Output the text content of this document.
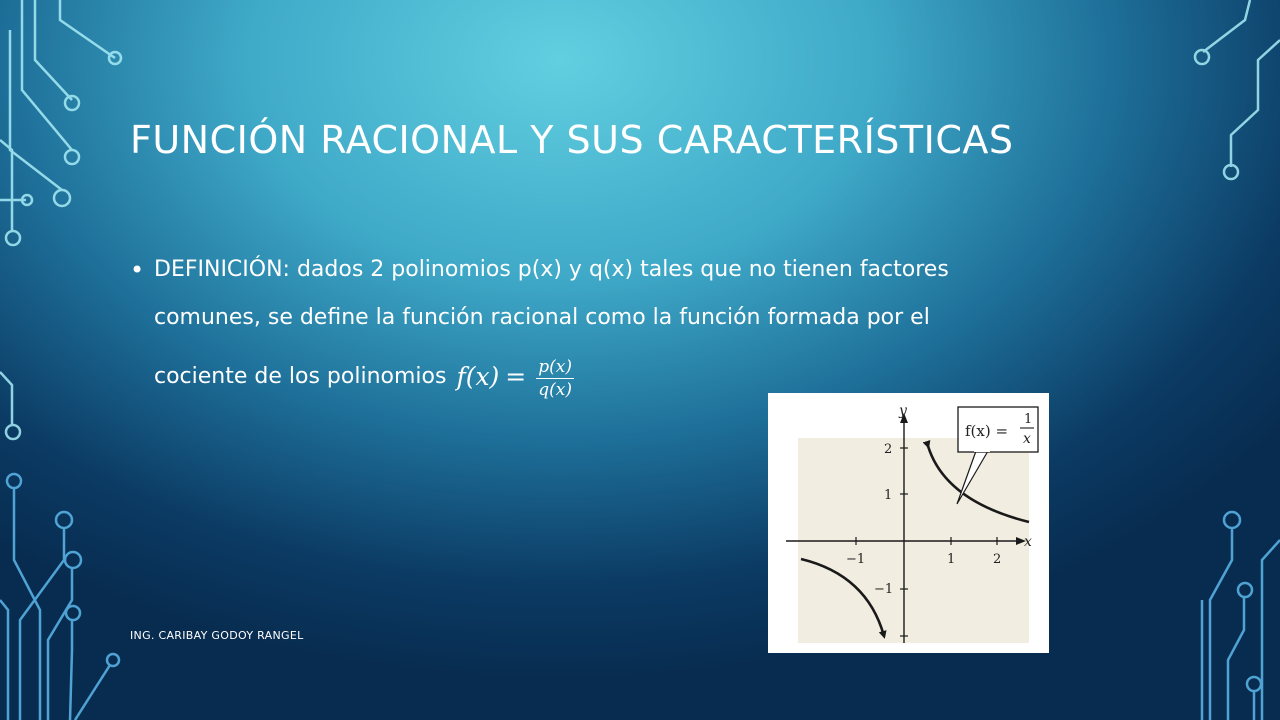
FUNCIÓN RACIONAL Y SUS CARACTERÍSTICAS
• DEFINICIÓN: dados 2 polinomios p(x) y q(x) tales que no tienen factores
comunes, se define la función racional como la función formada por el
cociente de los polinomios $f(x) = \frac{p(x)}{q(x)}$

ING. CARIBAY GODOY RANGEL

−1	1	2
2
1
−1
x
y
f(x) =
1
x
